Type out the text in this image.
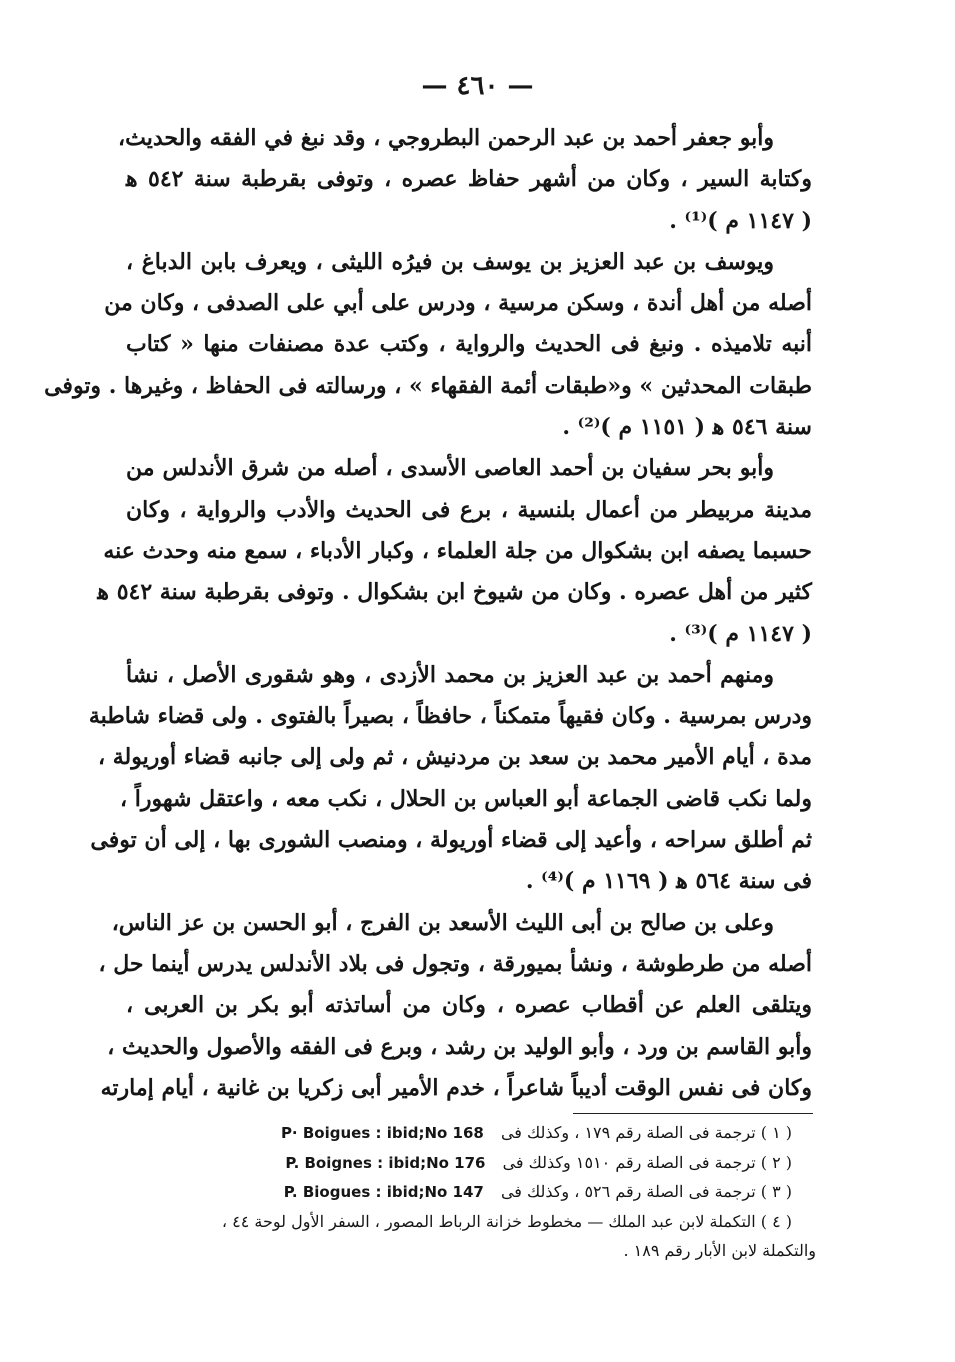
— ٤٦٠ —
وأبو جعفر أحمد بن عبد الرحمن البطروجي ، وقد نبغ في الفقه والحديث،
وكتابة السير ، وكان من أشهر حفاظ عصره ، وتوفى بقرطبة سنة ٥٤٢ ﻫ
( ١١٤٧ م )⁽¹⁾ .
ويوسف بن عبد العزيز بن يوسف بن فيرُه الليثى ، ويعرف بابن الدباغ ،
أصله من أهل أندة ، وسكن مرسية ، ودرس على أبي على الصدفى ، وكان من
أنبه تلاميذه . ونبغ فى الحديث والرواية ، وكتب عدة مصنفات منها « كتاب
طبقات المحدثين » و«طبقات أئمة الفقهاء » ، ورسالته فى الحفاظ ، وغيرها . وتوفى
سنة ٥٤٦ ﻫ ( ١١٥١ م )⁽²⁾ .
وأبو بحر سفيان بن أحمد العاصى الأسدى ، أصله من شرق الأندلس من
مدينة مربيطر من أعمال بلنسية ، برع فى الحديث والأدب والرواية ، وكان
حسبما يصفه ابن بشكوال من جلة العلماء ، وكبار الأدباء ، سمع منه وحدث عنه
كثير من أهل عصره . وكان من شيوخ ابن بشكوال . وتوفى بقرطبة سنة ٥٤٢ ﻫ
( ١١٤٧ م )⁽³⁾ .
ومنهم أحمد بن عبد العزيز بن محمد الأزدى ، وهو شقورى الأصل ، نشأ
ودرس بمرسية . وكان فقيهاً متمكناً ، حافظاً ، بصيراً بالفتوى . ولى قضاء شاطبة
مدة ، أيام الأمير محمد بن سعد بن مردنيش ، ثم ولى إلى جانبه قضاء أوريولة ،
ولما نكب قاضى الجماعة أبو العباس بن الحلال ، نكب معه ، واعتقل شهوراً ،
ثم أطلق سراحه ، وأعيد إلى قضاء أوريولة ، ومنصب الشورى بها ، إلى أن توفى
فى سنة ٥٦٤ ﻫ ( ١١٦٩ م )⁽⁴⁾ .
وعلى بن صالح بن أبى الليث الأسعد بن الفرج ، أبو الحسن بن عز الناس،
أصله من طرطوشة ، ونشأ بميورقة ، وتجول فى بلاد الأندلس يدرس أينما حل ،
ويتلقى العلم عن أقطاب عصره ، وكان من أساتذته أبو بكر بن العربى ،
وأبو القاسم بن ورد ، وأبو الوليد بن رشد ، وبرع فى الفقه والأصول والحديث ،
وكان فى نفس الوقت أديباً شاعراً ، خدم الأمير أبى زكريا بن غانية ، أيام إمارته
( ١ ) ترجمة فى الصلة رقم ١٧٩ ، وكذلك فى P· Boigues : ibid;No 168
( ٢ ) ترجمة فى الصلة رقم ١٥١٠ وكذلك فى P. Boignes : ibid;No 176
( ٣ ) ترجمة فى الصلة رقم ٥٢٦ ، وكذلك فى P. Biogues : ibid;No 147
( ٤ ) التكملة لابن عبد الملك — مخطوط خزانة الرباط المصور ، السفر الأول لوحة ٤٤ ،
والتكملة لابن الأبار رقم ١٨٩ .
